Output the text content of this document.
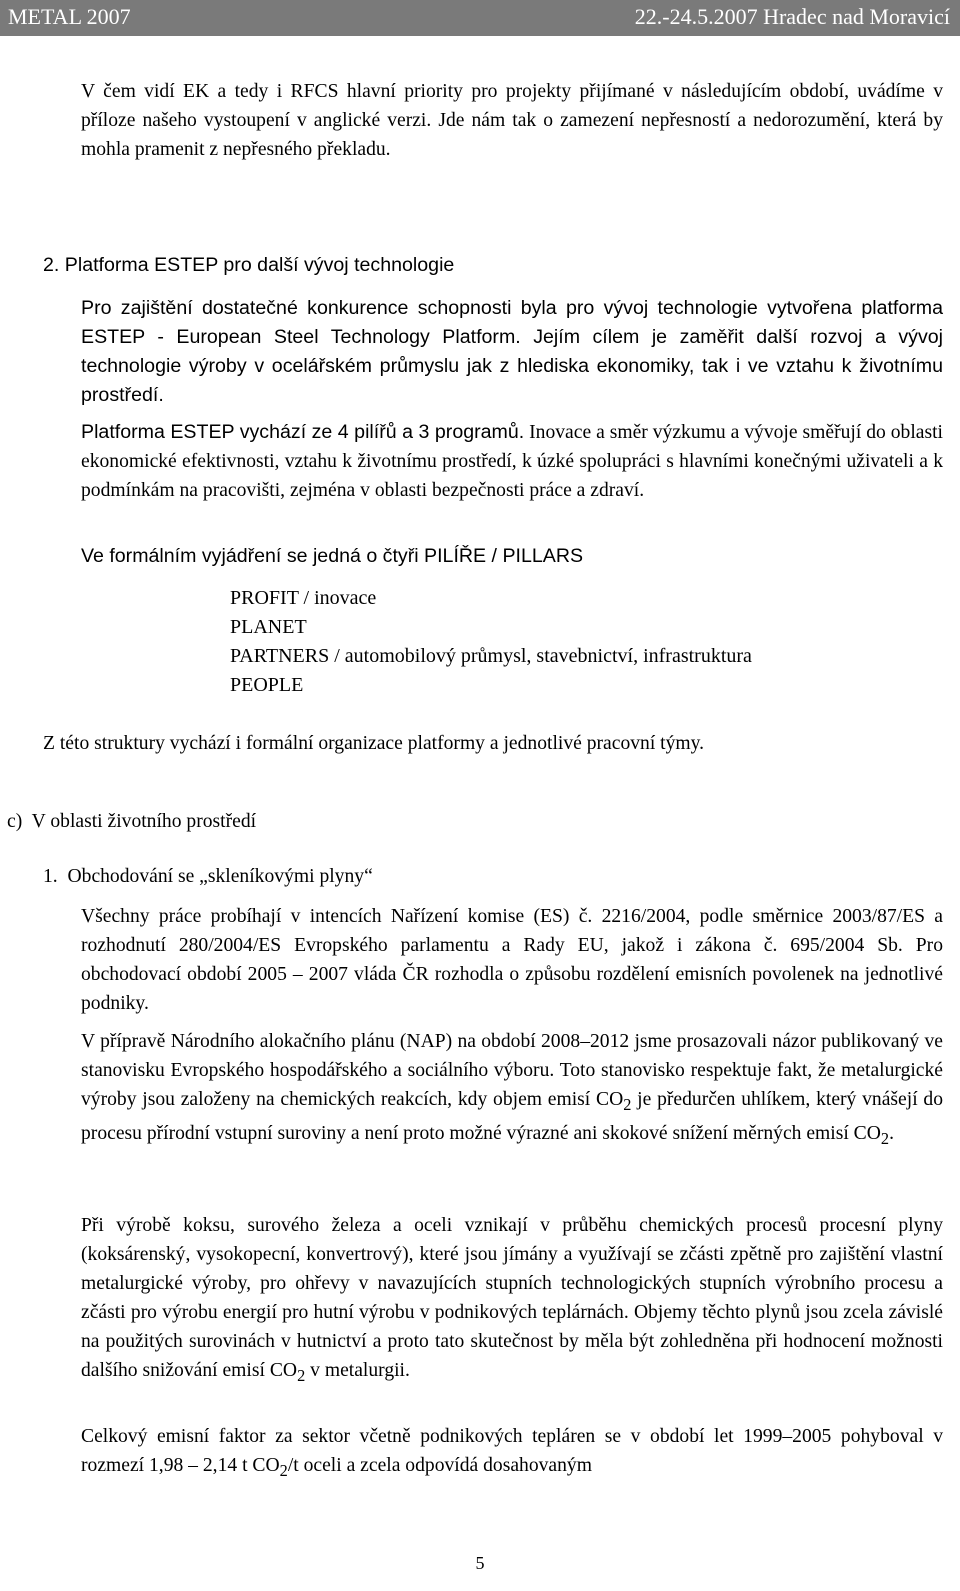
METAL 2007	22.-24.5.2007 Hradec nad Moravicí

V čem vidí EK a tedy i RFCS hlavní priority pro projekty přijímané v následujícím období, uvádíme v příloze našeho vystoupení v anglické verzi. Jde nám tak o zamezení nepřesností a nedorozumění, která by mohla pramenit z nepřesného překladu.

2. Platforma ESTEP pro další vývoj technologie

Pro zajištění dostatečné konkurence schopnosti byla pro vývoj technologie vytvořena platforma ESTEP - European Steel Technology Platform. Jejím cílem je zaměřit další rozvoj a vývoj technologie výroby v ocelářském průmyslu jak z hlediska ekonomiky, tak i ve vztahu k životnímu prostředí.

Platforma ESTEP vychází ze 4 pilířů a 3 programů. Inovace a směr výzkumu a vývoje směřují do oblasti ekonomické efektivnosti, vztahu k životnímu prostředí, k úzké spolupráci s hlavními konečnými uživateli a k podmínkám na pracovišti, zejména v oblasti bezpečnosti práce a zdraví.

Ve formálním vyjádření se jedná o čtyři PILÍŘE / PILLARS

PROFIT / inovace
PLANET
PARTNERS / automobilový průmysl, stavebnictví, infrastruktura
PEOPLE

Z této struktury vychází i formální organizace platformy a jednotlivé pracovní týmy.

c)  V oblasti životního prostředí

1.  Obchodování se „skleníkovými plyny“

Všechny práce probíhají v intencích Nařízení komise (ES) č. 2216/2004, podle směrnice 2003/87/ES a rozhodnutí 280/2004/ES Evropského parlamentu a Rady EU, jakož i zákona č. 695/2004 Sb. Pro obchodovací období 2005 – 2007 vláda ČR rozhodla o způsobu rozdělení emisních povolenek na jednotlivé podniky.

V přípravě Národního alokačního plánu (NAP) na období 2008–2012 jsme prosazovali názor publikovaný ve stanovisku Evropského hospodářského a sociálního výboru. Toto stanovisko respektuje fakt, že metalurgické výroby jsou založeny na chemických reakcích, kdy objem emisí $CO_2$ je předurčen uhlíkem, který vnášejí do procesu přírodní vstupní suroviny a není proto možné výrazné ani skokové snížení měrných emisí $CO_2$.

Při výrobě koksu, surového železa a oceli vznikají v průběhu chemických procesů procesní plyny (koksárenský, vysokopecní, konvertrový), které jsou jímány a využívají se zčásti zpětně pro zajištění vlastní metalurgické výroby, pro ohřevy v navazujících stupních technologických stupních výrobního procesu a zčásti pro výrobu energií pro hutní výrobu v podnikových teplárnách. Objemy těchto plynů jsou zcela závislé na použitých surovinách v hutnictví a proto tato skutečnost by měla být zohledněna při hodnocení možnosti dalšího snižování emisí $CO_2$ v metalurgii.

Celkový emisní faktor za sektor včetně podnikových tepláren se v období let 1999–2005 pohyboval v rozmezí 1,98 – 2,14 t $CO_2/t$ oceli a zcela odpovídá dosahovaným

5
